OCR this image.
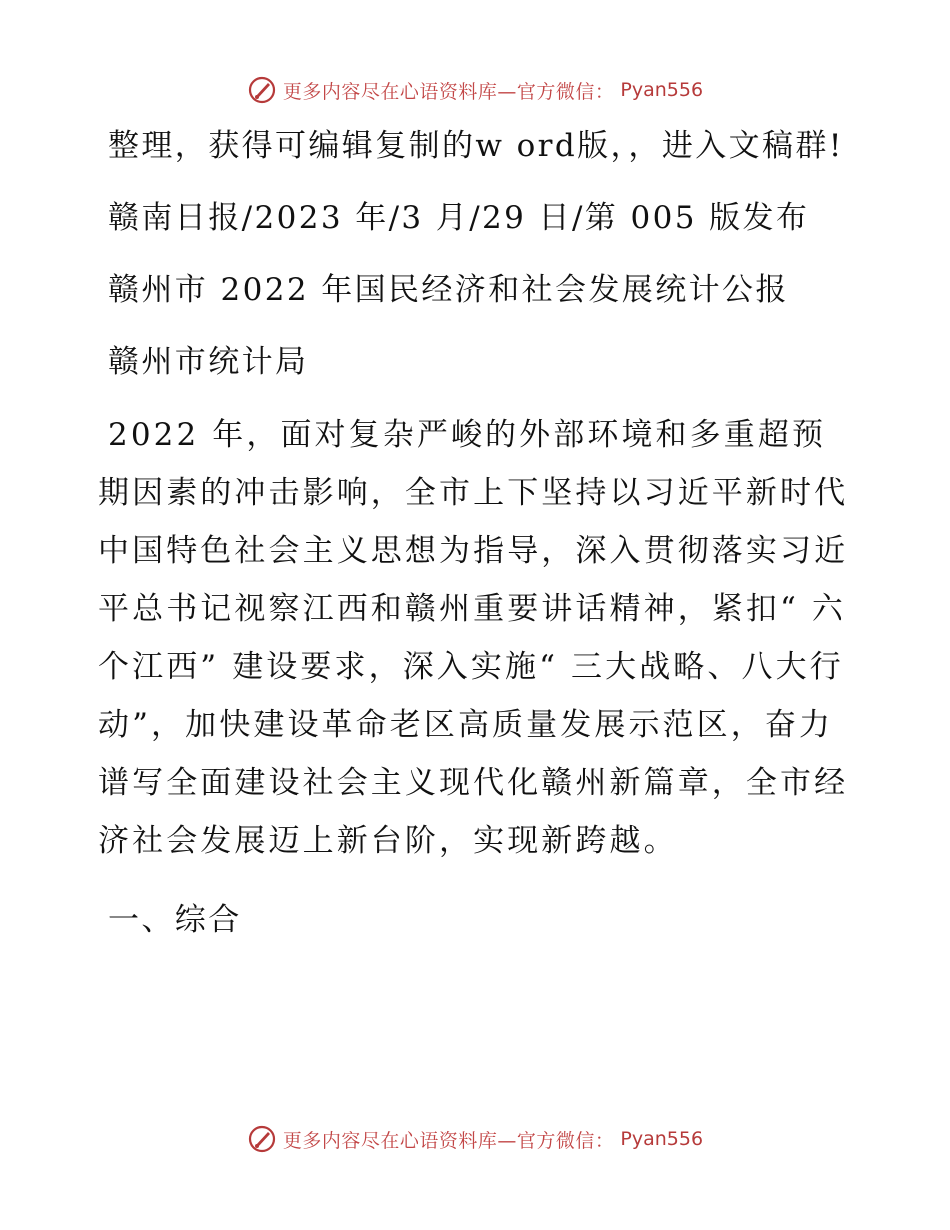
更多内容尽在心语资料库—官方微信： Pyan556

整理，获得可编辑复制的w ord版，，进入文稿群!

赣南日报/2023 年/3 月/29 日/第 005 版发布

赣州市 2022 年国民经济和社会发展统计公报

赣州市统计局

2022 年，面对复杂严峻的外部环境和多重超预期因素的冲击影响，全市上下坚持以习近平新时代中国特色社会主义思想为指导，深入贯彻落实习近平总书记视察江西和赣州重要讲话精神，紧扣“ 六个江西” 建设要求，深入实施“ 三大战略、八大行动”，加快建设革命老区高质量发展示范区，奋力谱写全面建设社会主义现代化赣州新篇章，全市经济社会发展迈上新台阶，实现新跨越。

一、综合

更多内容尽在心语资料库—官方微信： Pyan556
